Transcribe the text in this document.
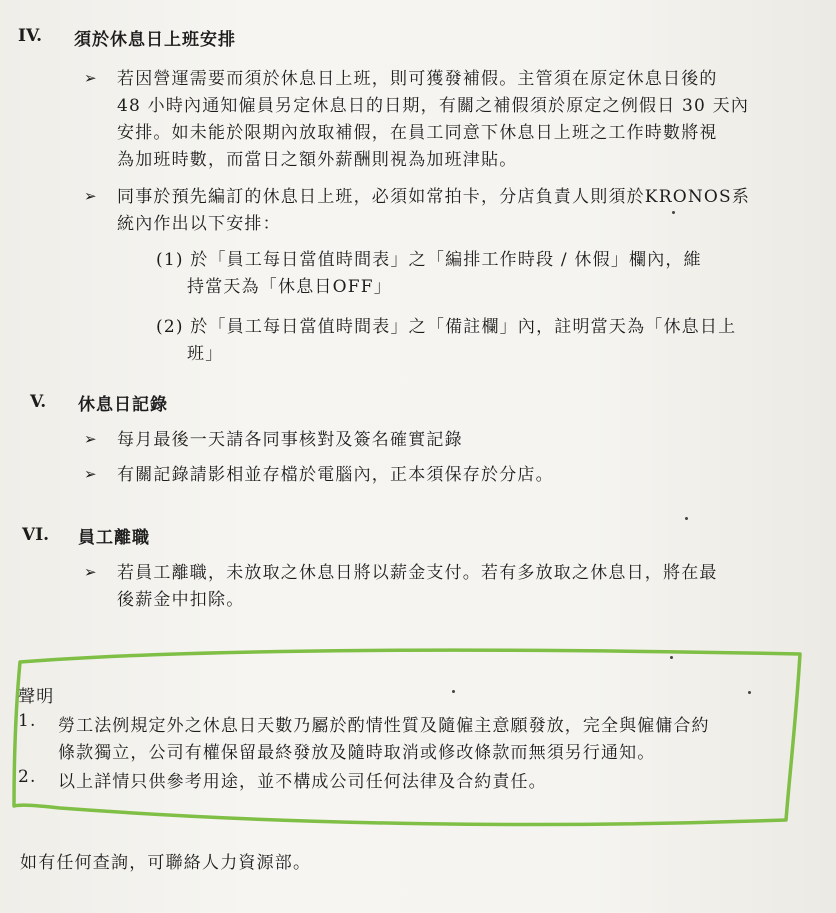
IV. 須於休息日上班安排
➢ 若因營運需要而須於休息日上班，則可獲發補假。主管須在原定休息日後的
48 小時內通知僱員另定休息日的日期，有關之補假須於原定之例假日 30 天內
安排。如未能於限期內放取補假，在員工同意下休息日上班之工作時數將視
為加班時數，而當日之額外薪酬則視為加班津貼。
➢ 同事於預先編訂的休息日上班，必須如常拍卡，分店負責人則須於KRONOS系
統內作出以下安排：
(1) 於「員工每日當值時間表」之「編排工作時段 / 休假」欄內，維
持當天為「休息日OFF」
(2) 於「員工每日當值時間表」之「備註欄」內，註明當天為「休息日上
班」
V. 休息日記錄
➢ 每月最後一天請各同事核對及簽名確實記錄
➢ 有關記錄請影相並存檔於電腦內，正本須保存於分店。
VI. 員工離職
➢ 若員工離職，未放取之休息日將以薪金支付。若有多放取之休息日，將在最
後薪金中扣除。
聲明
1. 勞工法例規定外之休息日天數乃屬於酌情性質及隨僱主意願發放，完全與僱傭合約
條款獨立，公司有權保留最終發放及隨時取消或修改條款而無須另行通知。
2. 以上詳情只供參考用途，並不構成公司任何法律及合約責任。
如有任何查詢，可聯絡人力資源部。
